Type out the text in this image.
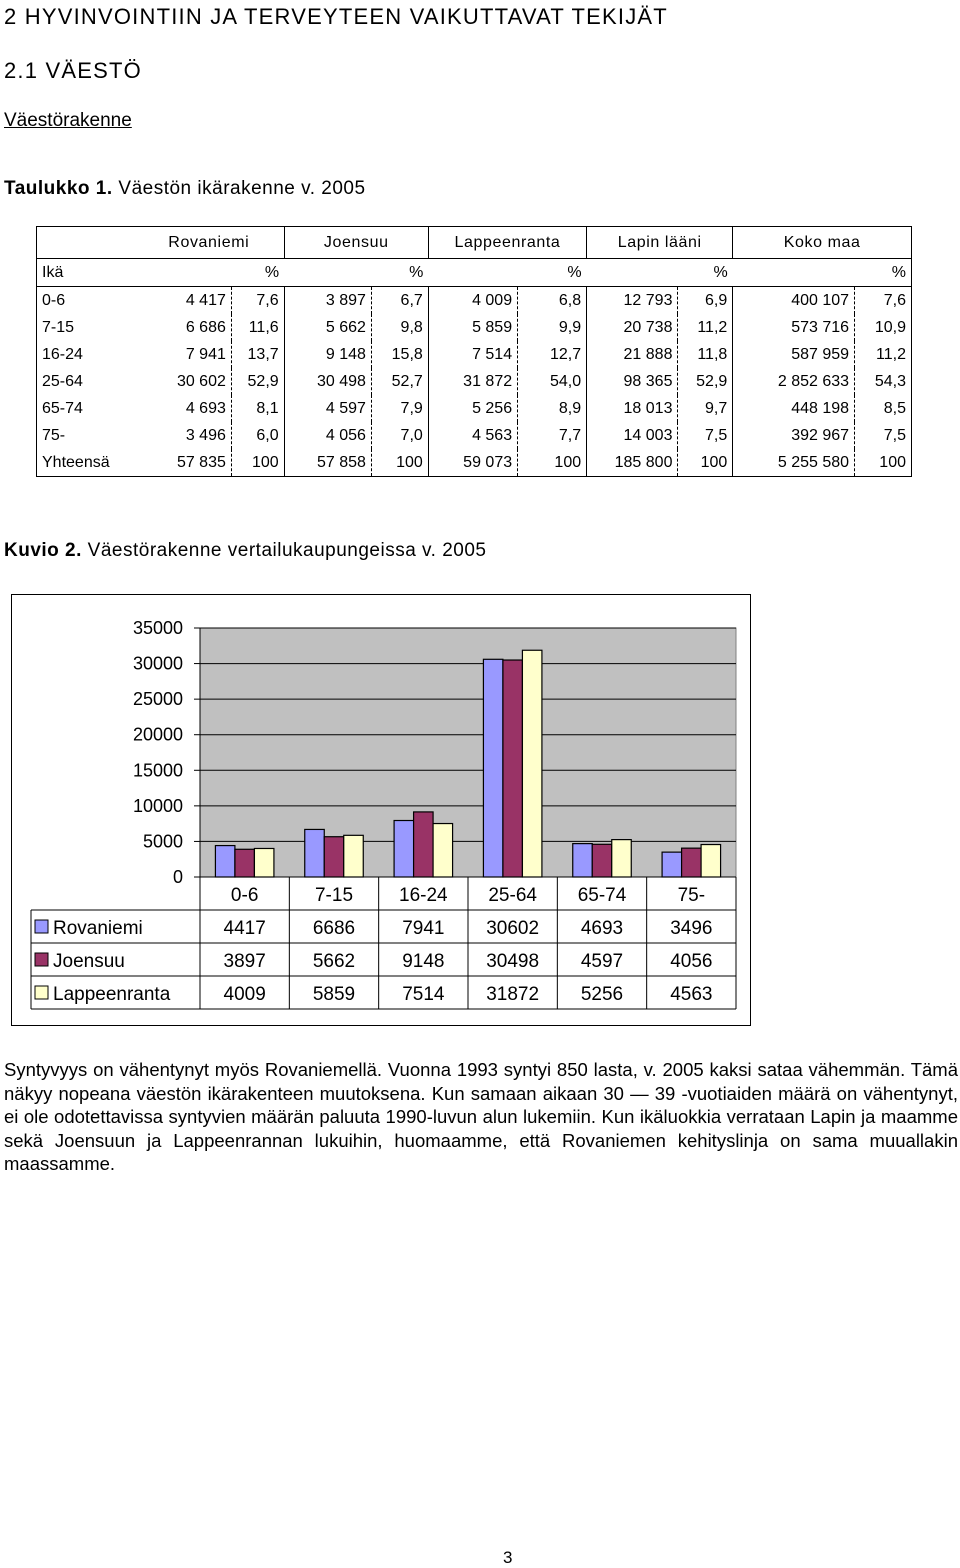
2 HYVINVOINTIIN JA TERVEYTEEN VAIKUTTAVAT TEKIJÄT
2.1 VÄESTÖ
Väestörakenne
Taulukko 1. Väestön ikärakenne v. 2005
	Rovaniemi		Joensuu		Lappeenranta		Lapin lääni		Koko maa	
Ikä		%		%		%		%		%
0-6	4 417	7,6	3 897	6,7	4 009	6,8	12 793	6,9	400 107	7,6
7-15	6 686	11,6	5 662	9,8	5 859	9,9	20 738	11,2	573 716	10,9
16-24	7 941	13,7	9 148	15,8	7 514	12,7	21 888	11,8	587 959	11,2
25-64	30 602	52,9	30 498	52,7	31 872	54,0	98 365	52,9	2 852 633	54,3
65-74	4 693	8,1	4 597	7,9	5 256	8,9	18 013	9,7	448 198	8,5
75-	3 496	6,0	4 056	7,0	4 563	7,7	14 003	7,5	392 967	7,5
Yhteensä	57 835	100	57 858	100	59 073	100	185 800	100	5 255 580	100
Kuvio 2. Väestörakenne vertailukaupungeissa v. 2005
0
5000
10000
15000
20000
25000
30000
35000
0-6	7-15 16-24 25-64 65-74	75-
Rovaniemi	4417 6686 7941 30602 4693 3496
Joensuu	3897 5662 9148 30498 4597 4056
Lappeenranta	4009 5859 7514 31872 5256 4563
Syntyvyys on vähentynyt myös Rovaniemellä. Vuonna 1993 syntyi 850 lasta, v. 2005 kaksi sataa vähemmän. Tämä näkyy nopeana väestön ikärakenteen muutoksena. Kun samaan aikaan 30 — 39 -vuotiaiden määrä on vähentynyt, ei ole odotettavissa syntyvien määrän paluuta 1990-luvun alun lukemiin. Kun ikäluokkia verrataan Lapin ja maamme sekä Joensuun ja Lappeenrannan lukuihin, huomaamme, että Rovaniemen kehityslinja on sama muuallakin maassamme.
3
